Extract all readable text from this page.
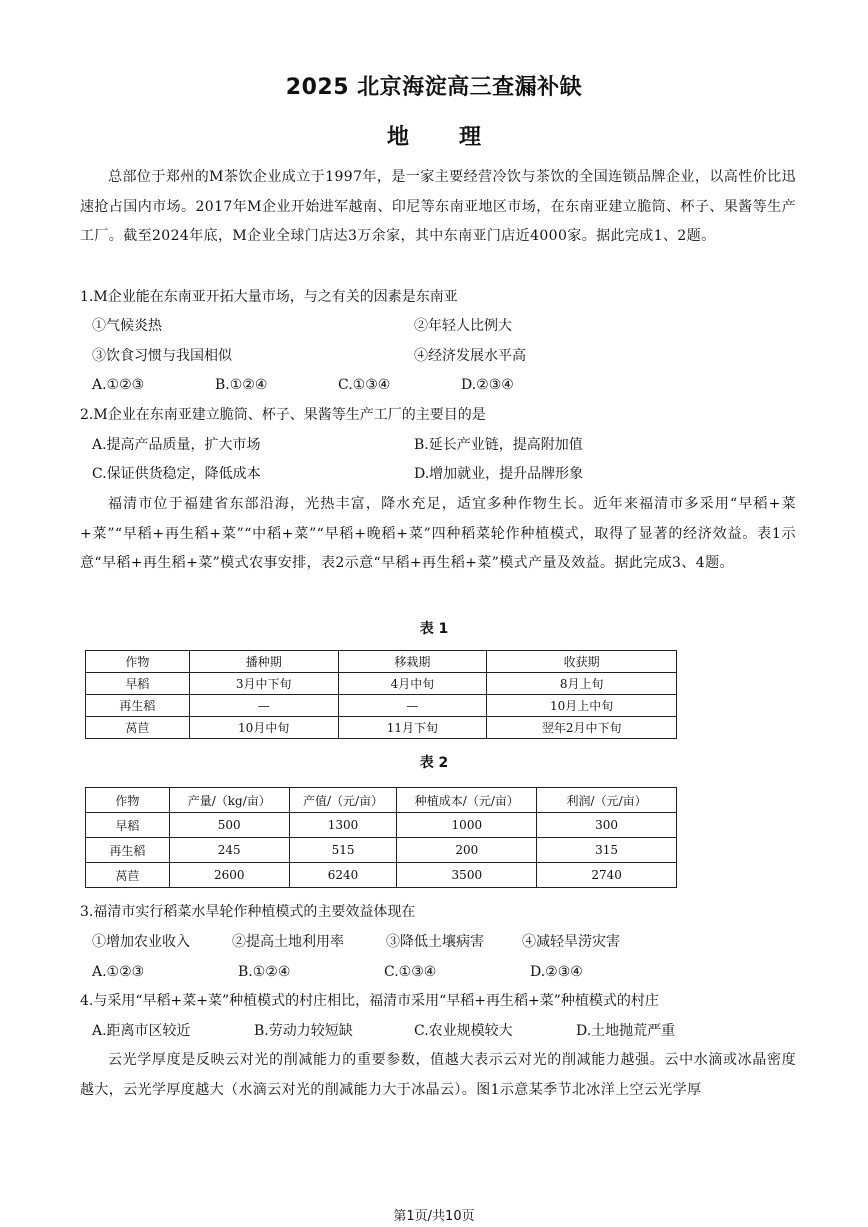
2025 北京海淀高三查漏补缺
地 理
总部位于郑州的M茶饮企业成立于1997年，是一家主要经营冷饮与茶饮的全国连锁品牌企业，以高性价比迅速抢占国内市场。2017年M企业开始进军越南、印尼等东南亚地区市场，在东南亚建立脆筒、杯子、果酱等生产工厂。截至2024年底，M企业全球门店达3万余家，其中东南亚门店近4000家。据此完成1、2题。
1.M企业能在东南亚开拓大量市场，与之有关的因素是东南亚
①气候炎热	②年轻人比例大
③饮食习惯与我国相似	④经济发展水平高
A.①②③	B.①②④	C.①③④	D.②③④
2.M企业在东南亚建立脆筒、杯子、果酱等生产工厂的主要目的是
A.提高产品质量，扩大市场	B.延长产业链，提高附加值
C.保证供货稳定，降低成本	D.增加就业，提升品牌形象
福清市位于福建省东部沿海，光热丰富，降水充足，适宜多种作物生长。近年来福清市多采用“早稻+菜+菜”“早稻+再生稻+菜”“中稻+菜”“早稻+晚稻+菜”四种稻菜轮作种植模式，取得了显著的经济效益。表1示意“早稻+再生稻+菜”模式农事安排，表2示意“早稻+再生稻+菜”模式产量及效益。据此完成3、4题。
表 1
作物	播种期	移栽期	收获期
早稻	3月中下旬	4月中旬	8月上旬
再生稻	—	—	10月上中旬
莴苣	10月中旬	11月下旬	翌年2月中下旬
表 2
作物	产量/（kg/亩）	产值/（元/亩）	种植成本/（元/亩）	利润/（元/亩）
早稻	500	1300	1000	300
再生稻	245	515	200	315
莴苣	2600	6240	3500	2740
3.福清市实行稻菜水旱轮作种植模式的主要效益体现在
①增加农业收入	②提高土地利用率	③降低土壤病害	④减轻旱涝灾害
A.①②③	B.①②④	C.①③④	D.②③④
4.与采用“早稻+菜+菜”种植模式的村庄相比，福清市采用“早稻+再生稻+菜”种植模式的村庄
A.距离市区较近	B.劳动力较短缺	C.农业规模较大	D.土地抛荒严重
云光学厚度是反映云对光的削减能力的重要参数，值越大表示云对光的削减能力越强。云中水滴或冰晶密度越大，云光学厚度越大（水滴云对光的削减能力大于冰晶云）。图1示意某季节北冰洋上空云光学厚
第1页/共10页
